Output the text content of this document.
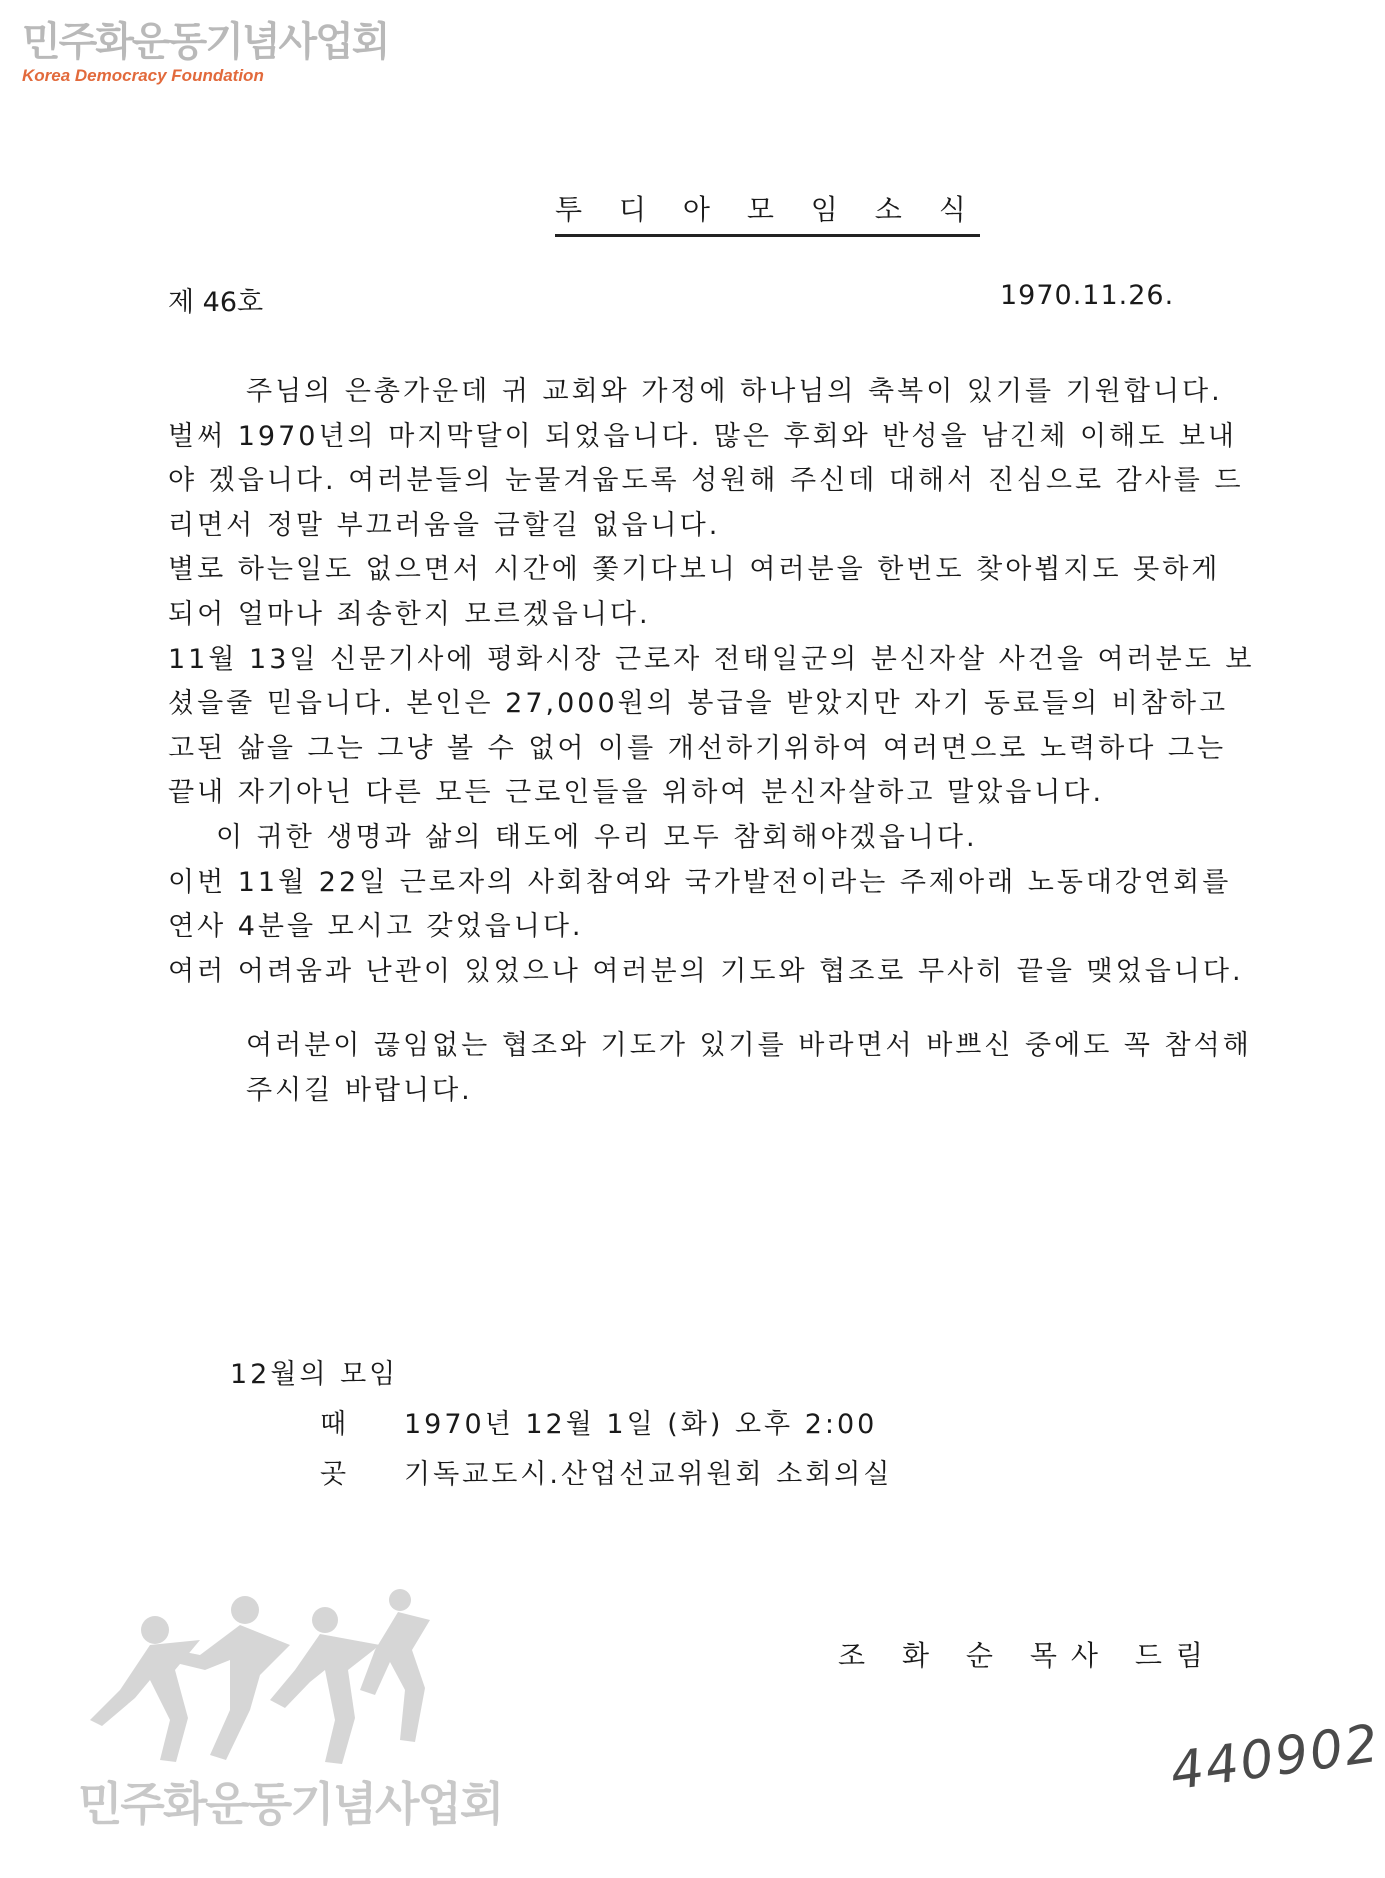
민주화운동기념사업회
Korea Democracy Foundation
투 디 아 모 임 소 식
제 46호	1970.11.26.

주님의 은총가운데 귀 교회와 가정에 하나님의 축복이 있기를 기원합니다.

벌써 1970년의 마지막달이 되었읍니다. 많은 후회와 반성을 남긴체 이해도 보내야 겠읍니다. 여러분들의 눈물겨웁도록 성원해 주신데 대해서 진심으로 감사를 드리면서 정말 부끄러움을 금할길 없읍니다.

별로 하는일도 없으면서 시간에 쫓기다보니 여러분을 한번도 찾아뵙지도 못하게 되어 얼마나 죄송한지 모르겠읍니다.

11월 13일 신문기사에 평화시장 근로자 전태일군의 분신자살 사건을 여러분도 보셨을줄 믿읍니다. 본인은 27,000원의 봉급을 받았지만 자기 동료들의 비참하고 고된 삶을 그는 그냥 볼 수 없어 이를 개선하기위하여 여러면으로 노력하다 그는 끝내 자기아닌 다른 모든 근로인들을 위하여 분신자살하고 말았읍니다.

이 귀한 생명과 삶의 태도에 우리 모두 참회해야겠읍니다.

이번 11월 22일 근로자의 사회참여와 국가발전이라는 주제아래 노동대강연회를 연사 4분을 모시고 갖었읍니다.

여러 어려움과 난관이 있었으나 여러분의 기도와 협조로 무사히 끝을 맺었읍니다.

여러분이 끊임없는 협조와 기도가 있기를 바라면서 바쁘신 중에도 꼭 참석해 주시길 바랍니다.

12월의 모임
때	1970년 12월 1일 (화) 오후 2:00
곳	기독교도시.산업선교위원회 소회의실
조 화 순 목사 드림
민주화운동기념사업회
440902
